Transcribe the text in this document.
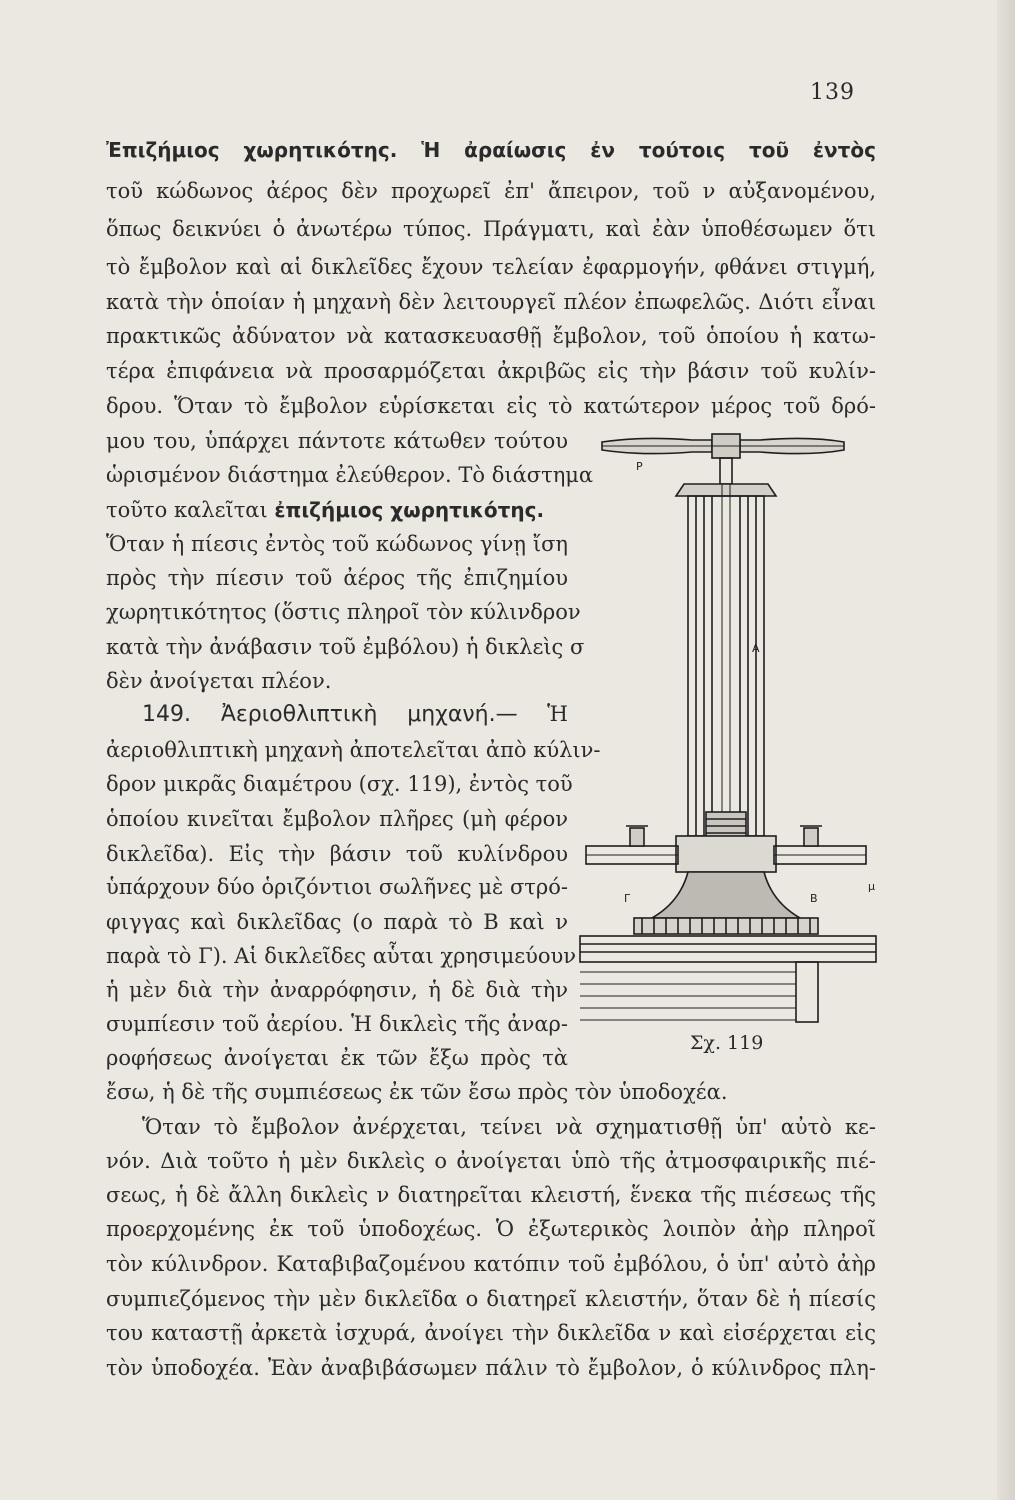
139

Ἐπιζήμιος χωρητικότης. Ἡ ἀραίωσις ἐν τούτοις τοῦ ἐντὸς

τοῦ κώδωνος ἀέρος δὲν προχωρεῖ ἐπ' ἄπειρον, τοῦ ν αὐξανομένου,

ὅπως δεικνύει ὁ ἀνωτέρω τύπος. Πράγματι, καὶ ἐὰν ὑποθέσωμεν ὅτι

τὸ ἔμβολον καὶ αἱ δικλεῖδες ἔχουν τελείαν ἐφαρμογήν, φθάνει στιγμή,

κατὰ τὴν ὁποίαν ἡ μηχανὴ δὲν λειτουργεῖ πλέον ἐπωφελῶς. Διότι εἶναι

πρακτικῶς ἀδύνατον νὰ κατασκευασθῇ ἔμβολον, τοῦ ὁποίου ἡ κατω-

τέρα ἐπιφάνεια νὰ προσαρμόζεται ἀκριβῶς εἰς τὴν βάσιν τοῦ κυλίν-

δρου. Ὅταν τὸ ἔμβολον εὑρίσκεται εἰς τὸ κατώτερον μέρος τοῦ δρό-

μου του, ὑπάρχει πάντοτε κάτωθεν τούτου

ὡρισμένον διάστημα ἐλεύθερον. Τὸ διάστημα

τοῦτο καλεῖται ἐπιζήμιος χωρητικότης.

Ὅταν ἡ πίεσις ἐντὸς τοῦ κώδωνος γίνῃ ἴση

πρὸς τὴν πίεσιν τοῦ ἀέρος τῆς ἐπιζημίου

χωρητικότητος (ὅστις πληροῖ τὸν κύλινδρον

κατὰ τὴν ἀνάβασιν τοῦ ἐμβόλου) ἡ δικλεὶς σ

δὲν ἀνοίγεται πλέον.

149. Ἀεριοθλιπτικὴ μηχανή.— Ἡ

ἀεριοθλιπτικὴ μηχανὴ ἀποτελεῖται ἀπὸ κύλιν-

δρον μικρᾶς διαμέτρου (σχ. 119), ἐντὸς τοῦ

ὁποίου κινεῖται ἔμβολον πλῆρες (μὴ φέρον

δικλεῖδα). Εἰς τὴν βάσιν τοῦ κυλίνδρου

ὑπάρχουν δύο ὁριζόντιοι σωλῆνες μὲ στρό-

φιγγας καὶ δικλεῖδας (ο παρὰ τὸ Β καὶ ν

παρὰ τὸ Γ). Αἱ δικλεῖδες αὗται χρησιμεύουν

ἡ μὲν διὰ τὴν ἀναρρόφησιν, ἡ δὲ διὰ τὴν

συμπίεσιν τοῦ ἀερίου. Ἡ δικλεὶς τῆς ἀναρ-

ροφήσεως ἀνοίγεται ἐκ τῶν ἔξω πρὸς τὰ

ἔσω, ἡ δὲ τῆς συμπιέσεως ἐκ τῶν ἔσω πρὸς τὸν ὑποδοχέα.

Ὅταν τὸ ἔμβολον ἀνέρχεται, τείνει νὰ σχηματισθῇ ὑπ' αὐτὸ κε-

νόν. Διὰ τοῦτο ἡ μὲν δικλεὶς ο ἀνοίγεται ὑπὸ τῆς ἀτμοσφαιρικῆς πιέ-

σεως, ἡ δὲ ἄλλη δικλεὶς ν διατηρεῖται κλειστή, ἕνεκα τῆς πιέσεως τῆς

προερχομένης ἐκ τοῦ ὑποδοχέως. Ὁ ἐξωτερικὸς λοιπὸν ἀὴρ πληροῖ

τὸν κύλινδρον. Καταβιβαζομένου κατόπιν τοῦ ἐμβόλου, ὁ ὑπ' αὐτὸ ἀὴρ

συμπιεζόμενος τὴν μὲν δικλεῖδα ο διατηρεῖ κλειστήν, ὅταν δὲ ἡ πίεσίς

του καταστῇ ἀρκετὰ ἰσχυρά, ἀνοίγει τὴν δικλεῖδα ν καὶ εἰσέρχεται εἰς

τὸν ὑποδοχέα. Ἐὰν ἀναβιβάσωμεν πάλιν τὸ ἔμβολον, ὁ κύλινδρος πλη-

P
A
Γ	B
μ
Σχ. 119
